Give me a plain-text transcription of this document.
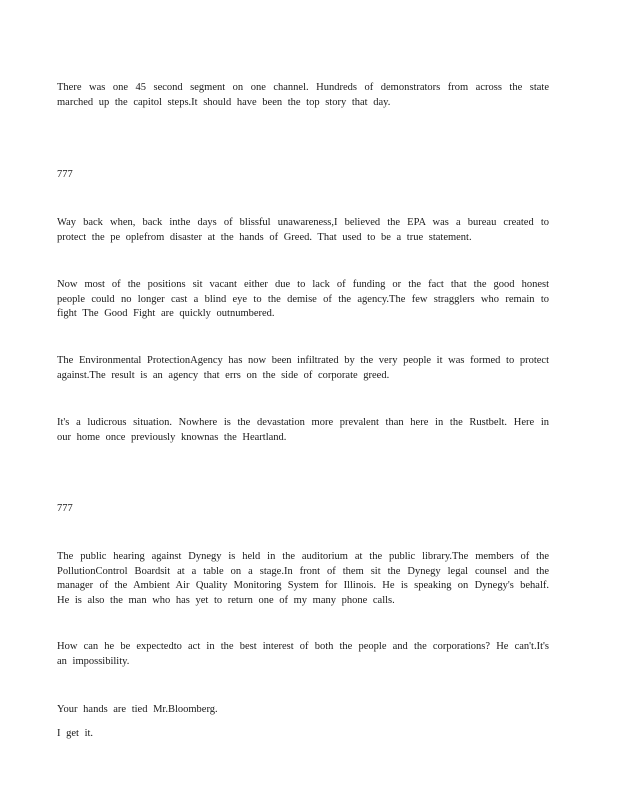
There was one 45 second segment on one channel. Hundreds of demonstrators from across the state marched up the capitol steps.It should have been the top story that day.

777

Way back when, back inthe days of blissful unawareness,I believed the EPA was a bureau created to protect the pe oplefrom disaster at the hands of Greed. That used to be a true statement.

Now most of the positions sit vacant either due to lack of funding or the fact that the good honest people could no longer cast a blind eye to the demise of the agency.The few stragglers who remain to fight The Good Fight are quickly outnumbered.

The Environmental ProtectionAgency has now been infiltrated by the very people it was formed to protect against.The result is an agency that errs on the side of corporate greed.

It's a ludicrous situation. Nowhere is the devastation more prevalent than here in the Rustbelt. Here in our home once previously knownas the Heartland.

777

The public hearing against Dynegy is held in the auditorium at the public library.The members of the PollutionControl Boardsit at a table on a stage.In front of them sit the Dynegy legal counsel and the manager of the Ambient Air Quality Monitoring System for Illinois. He is speaking on Dynegy's behalf. He is also the man who has yet to return one of my many phone calls.

How can he be expectedto act in the best interest of both the people and the corporations? He can't.It's an impossibility.

Your hands are tied Mr.Bloomberg.

I get it.
